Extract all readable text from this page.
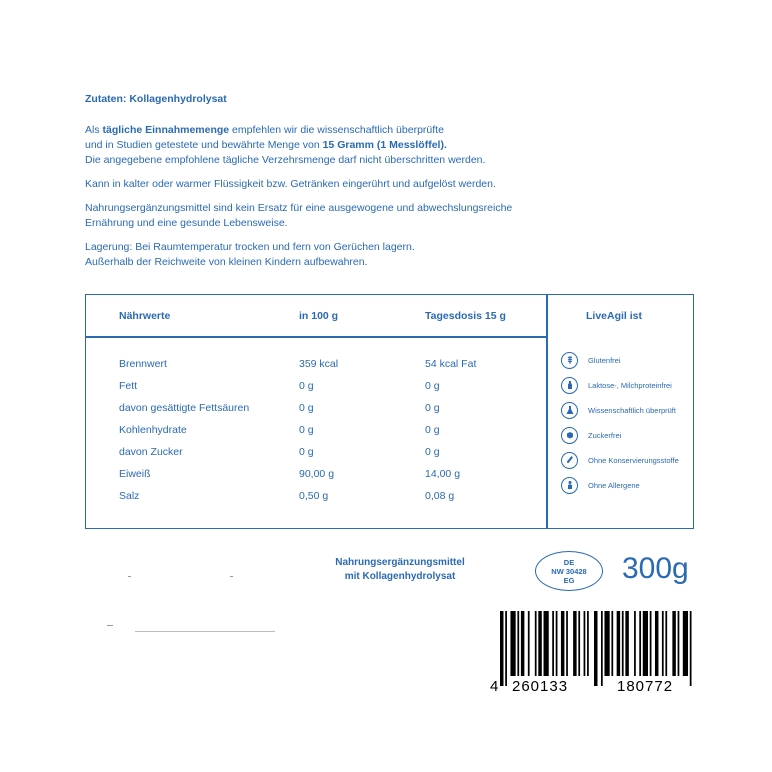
Zutaten: Kollagenhydrolysat
Als tägliche Einnahmemenge empfehlen wir die wissenschaftlich überprüfte
und in Studien getestete und bewährte Menge von 15 Gramm (1 Messlöffel).
Die angegebene empfohlene tägliche Verzehrsmenge darf nicht überschritten werden.
Kann in kalter oder warmer Flüssigkeit bzw. Getränken eingerührt und aufgelöst werden.
Nahrungsergänzungsmittel sind kein Ersatz für eine ausgewogene und abwechslungsreiche
Ernährung und eine gesunde Lebensweise.
Lagerung: Bei Raumtemperatur trocken und fern von Gerüchen lagern.
Außerhalb der Reichweite von kleinen Kindern aufbewahren.
Nährwerte	in 100 g	Tagesdosis 15 g	LiveAgil ist
Brennwert	359 kcal	54 kcal Fat
Fett	0 g	0 g
davon gesättigte Fettsäuren	0 g	0 g
Kohlenhydrate	0 g	0 g
davon Zucker	0 g	0 g
Eiweiß	90,00 g	14,00 g
Salz	0,50 g	0,08 g
Glutenfrei
Laktose-, Milchproteinfrei
Wissenschaftlich überprüft
Zuckerfrei
Ohne Konservierungsstoffe
Ohne Allergene
Nahrungsergänzungsmittel
mit Kollagenhydrolysat
DE
NW 30428
EG 300g
4 260133	180772
